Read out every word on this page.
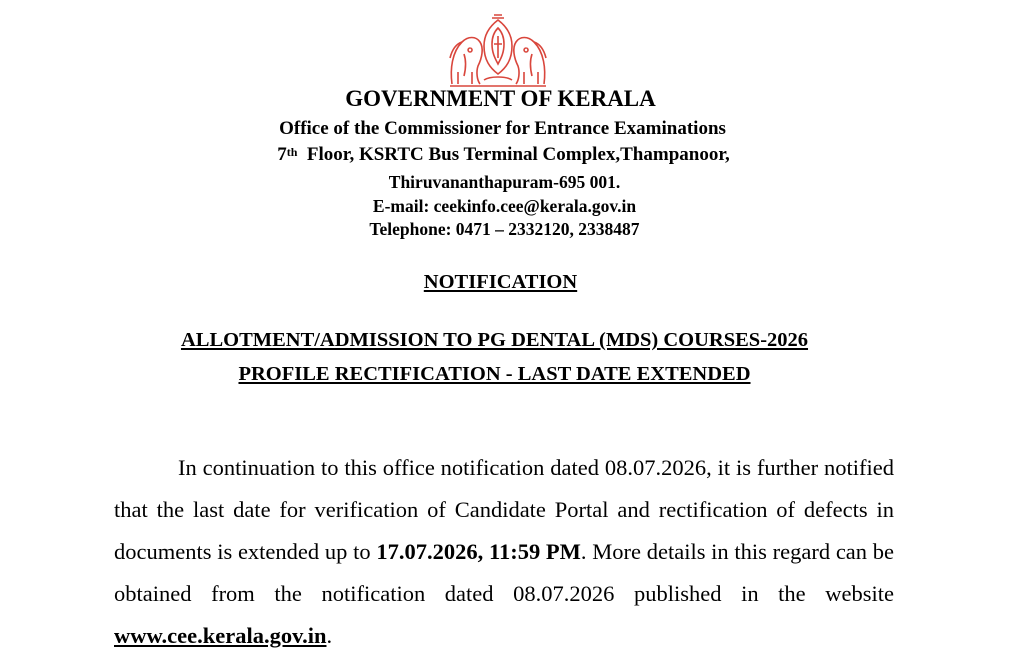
GOVERNMENT OF KERALA
Office of the Commissioner for Entrance Examinations
7th Floor, KSRTC Bus Terminal Complex,Thampanoor,
Thiruvananthapuram-695 001.
E-mail: ceekinfo.cee@kerala.gov.in
Telephone: 0471 – 2332120, 2338487
NOTIFICATION
ALLOTMENT/ADMISSION TO PG DENTAL (MDS) COURSES-2026
PROFILE RECTIFICATION - LAST DATE EXTENDED
In continuation to this office notification dated 08.07.2026, it is further notified that the last date for verification of Candidate Portal and rectification of defects in documents is extended up to 17.07.2026, 11:59 PM. More details in this regard can be obtained from the notification dated 08.07.2026 published in the website www.cee.kerala.gov.in.
